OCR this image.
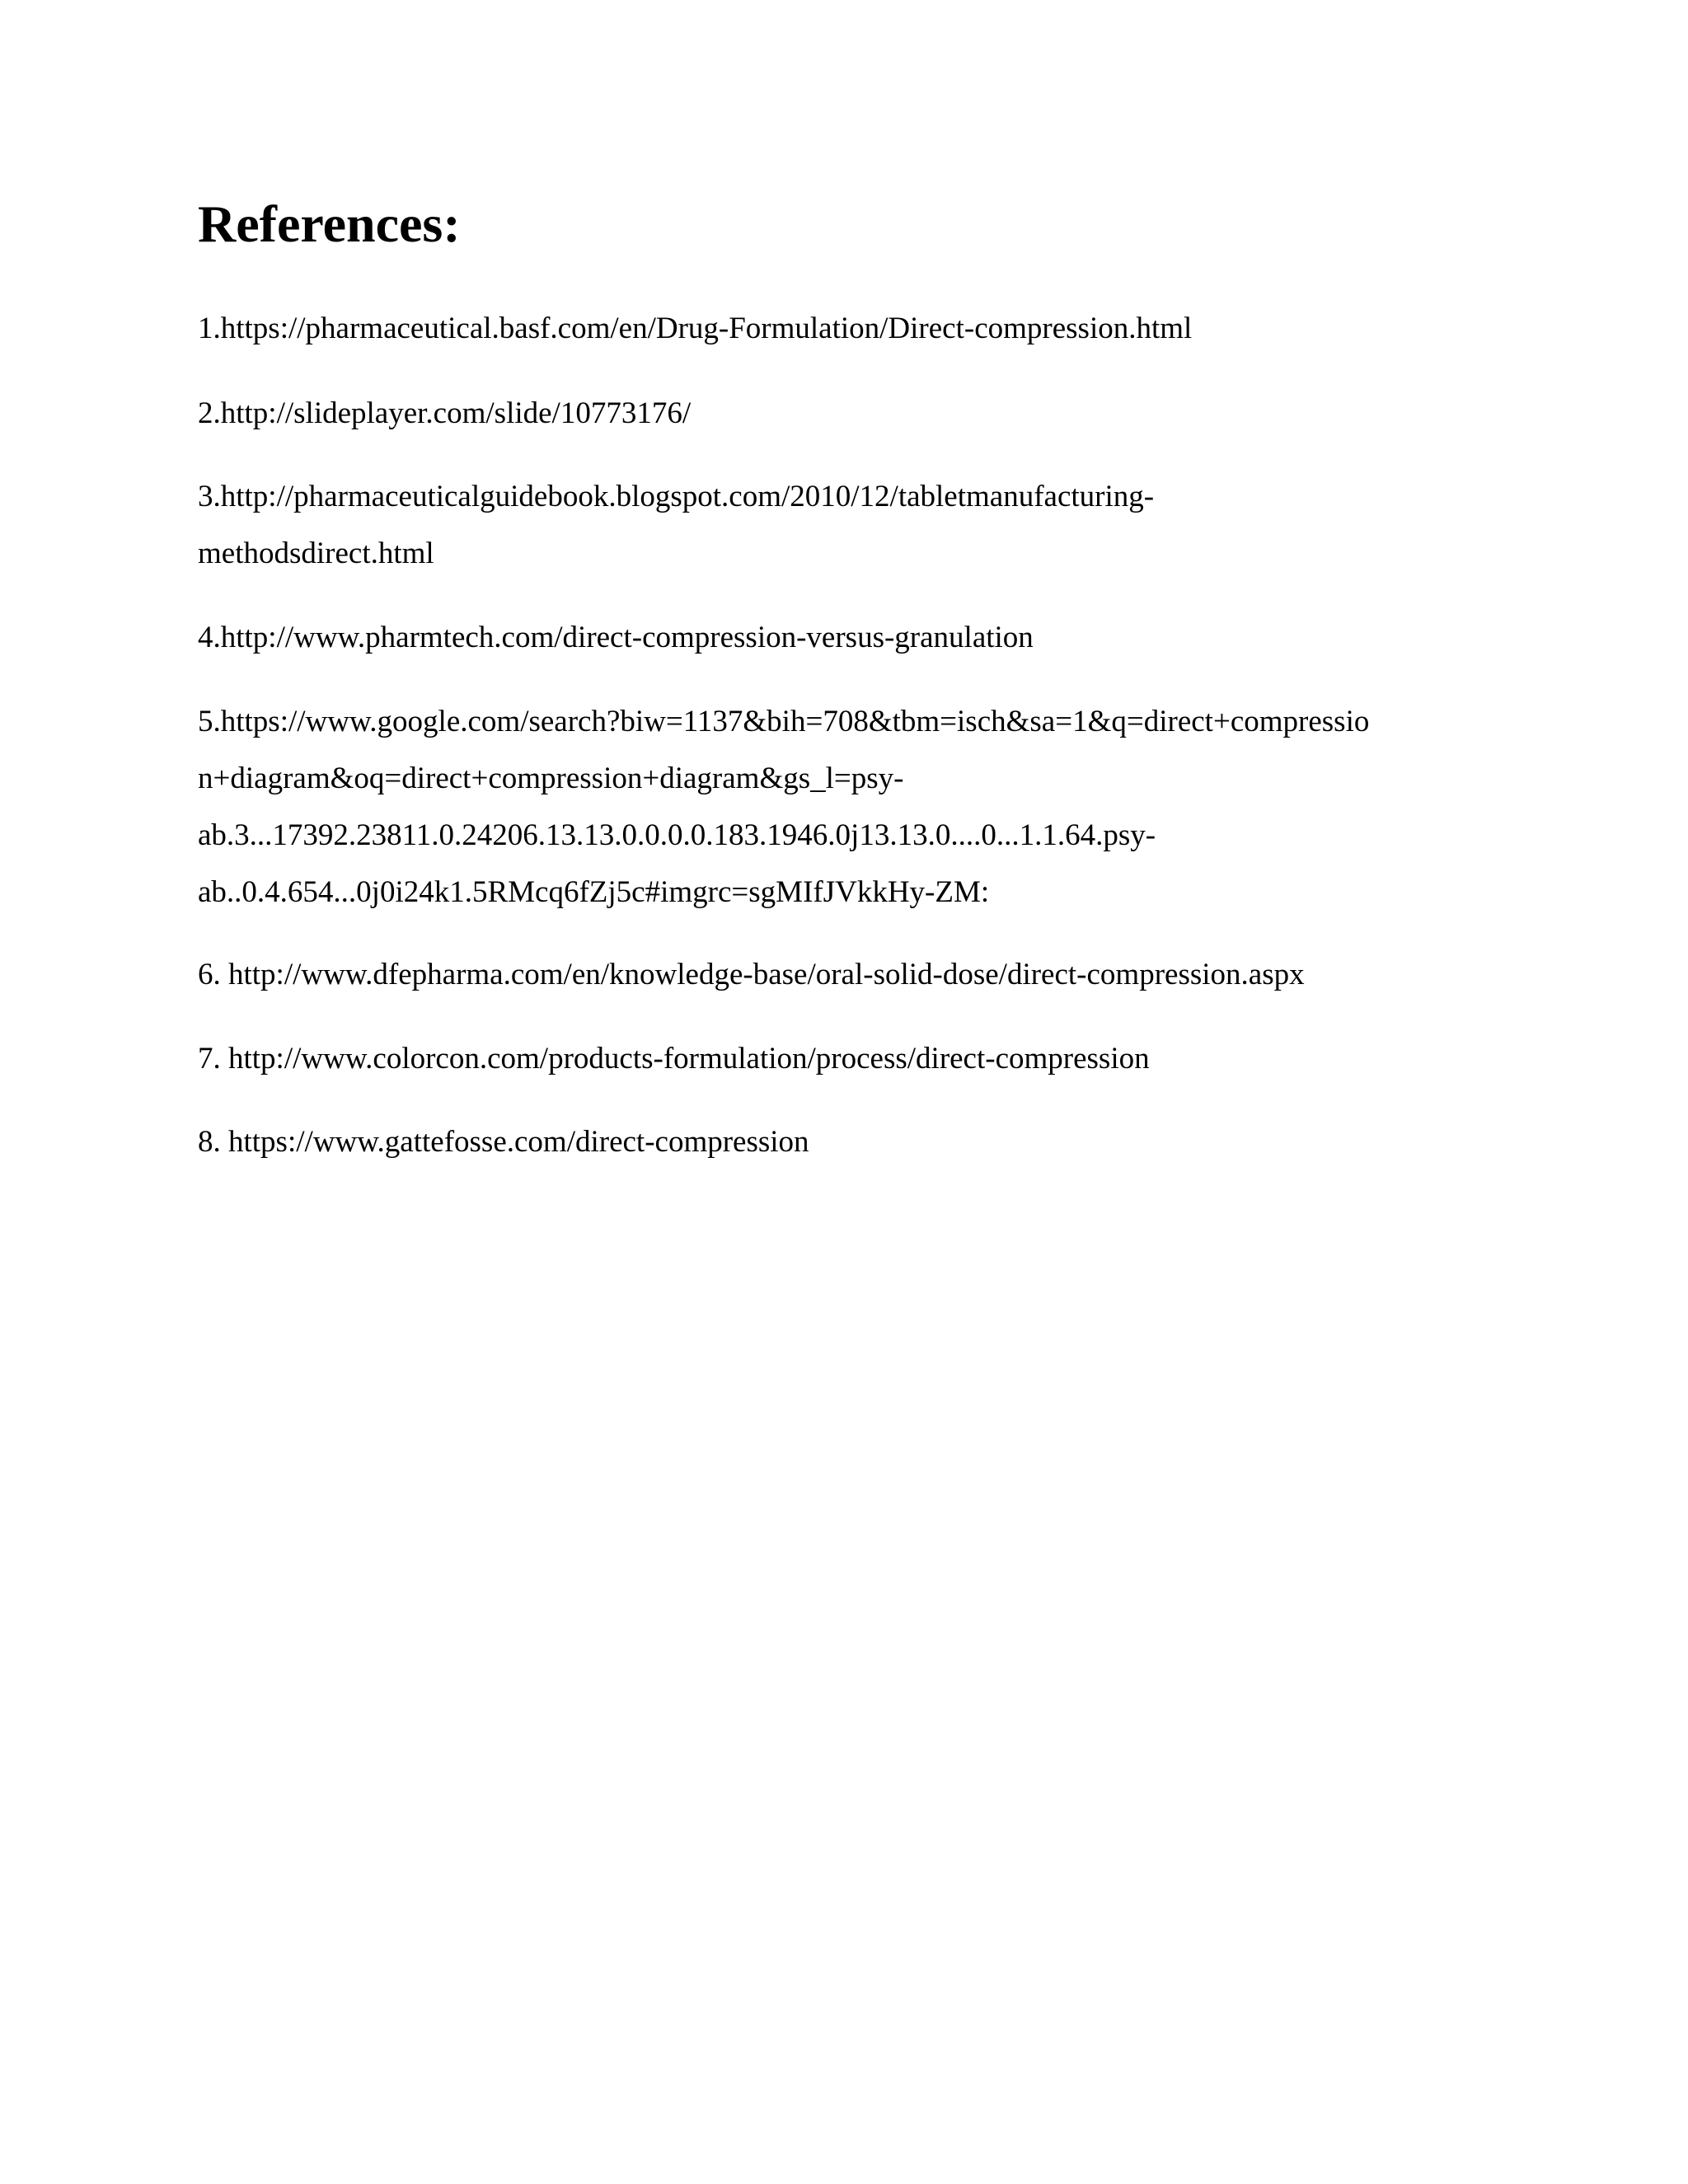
References:
1.https://pharmaceutical.basf.com/en/Drug-Formulation/Direct-compression.html
2.http://slideplayer.com/slide/10773176/
3.http://pharmaceuticalguidebook.blogspot.com/2010/12/tabletmanufacturing-
methodsdirect.html
4.http://www.pharmtech.com/direct-compression-versus-granulation
5.https://www.google.com/search?biw=1137&bih=708&tbm=isch&sa=1&q=direct+compressio
n+diagram&oq=direct+compression+diagram&gs_l=psy-
ab.3...17392.23811.0.24206.13.13.0.0.0.0.183.1946.0j13.13.0....0...1.1.64.psy-
ab..0.4.654...0j0i24k1.5RMcq6fZj5c#imgrc=sgMIfJVkkHy-ZM:
6. http://www.dfepharma.com/en/knowledge-base/oral-solid-dose/direct-compression.aspx
7. http://www.colorcon.com/products-formulation/process/direct-compression
8. https://www.gattefosse.com/direct-compression
